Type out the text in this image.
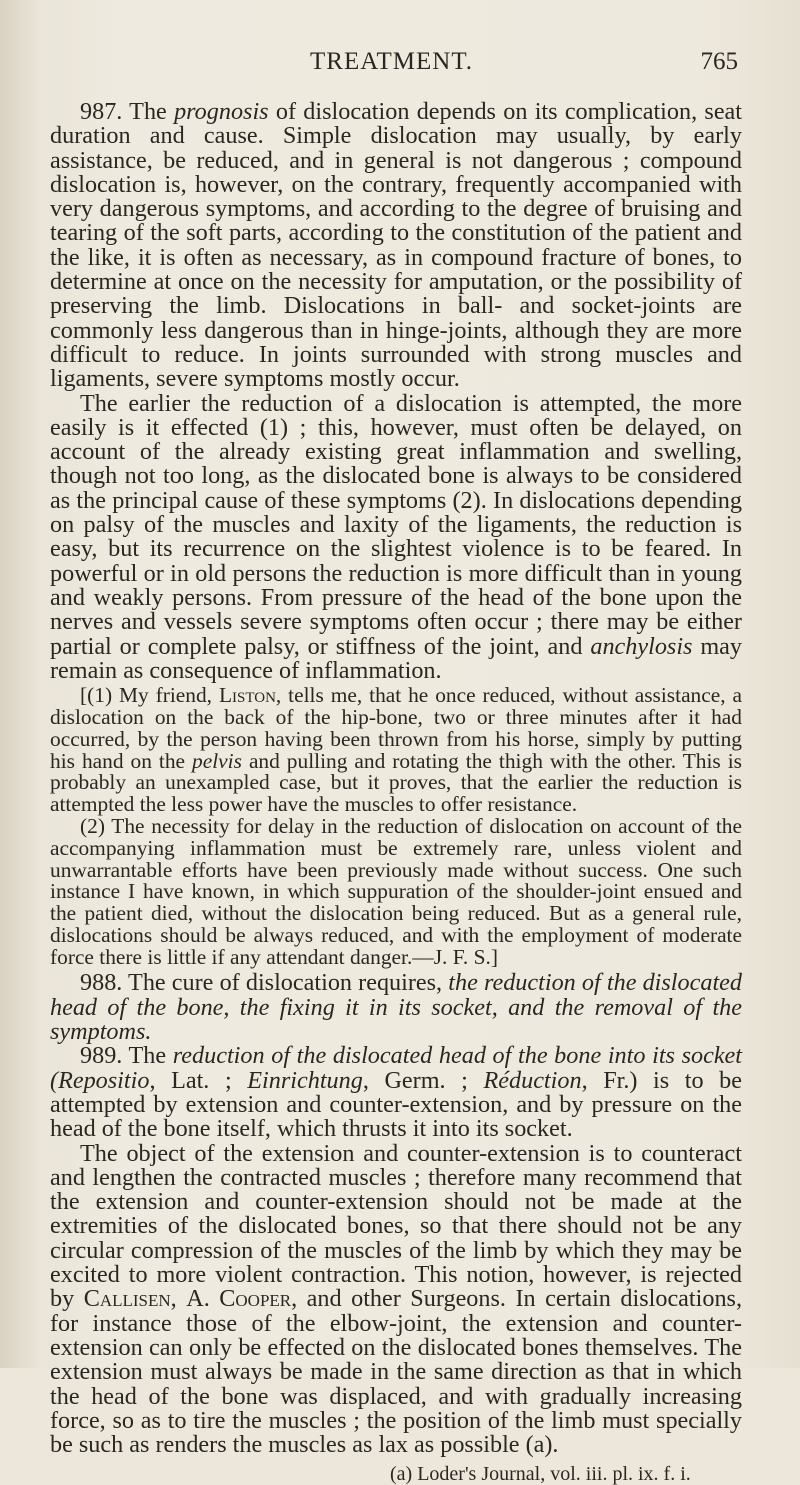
TREATMENT.	765

987. The prognosis of dislocation depends on its complication, seat duration and cause. Simple dislocation may usually, by early assistance, be reduced, and in general is not dangerous ; compound dislocation is, however, on the contrary, frequently accompanied with very dangerous symptoms, and according to the degree of bruising and tearing of the soft parts, according to the constitution of the patient and the like, it is often as necessary, as in compound fracture of bones, to determine at once on the necessity for amputation, or the possibility of preserving the limb. Dislocations in ball- and socket-joints are commonly less dangerous than in hinge-joints, although they are more difficult to reduce. In joints surrounded with strong muscles and ligaments, severe symptoms mostly occur.

The earlier the reduction of a dislocation is attempted, the more easily is it effected (1) ; this, however, must often be delayed, on account of the already existing great inflammation and swelling, though not too long, as the dislocated bone is always to be considered as the principal cause of these symptoms (2). In dislocations depending on palsy of the muscles and laxity of the ligaments, the reduction is easy, but its recurrence on the slightest violence is to be feared. In powerful or in old persons the reduction is more difficult than in young and weakly persons. From pressure of the head of the bone upon the nerves and vessels severe symptoms often occur ; there may be either partial or complete palsy, or stiffness of the joint, and anchylosis may remain as consequence of inflammation.

[(1) My friend, Liston, tells me, that he once reduced, without assistance, a dislocation on the back of the hip-bone, two or three minutes after it had occurred, by the person having been thrown from his horse, simply by putting his hand on the pelvis and pulling and rotating the thigh with the other. This is probably an unexampled case, but it proves, that the earlier the reduction is attempted the less power have the muscles to offer resistance.

(2) The necessity for delay in the reduction of dislocation on account of the accompanying inflammation must be extremely rare, unless violent and unwarrantable efforts have been previously made without success. One such instance I have known, in which suppuration of the shoulder-joint ensued and the patient died, without the dislocation being reduced. But as a general rule, dislocations should be always reduced, and with the employment of moderate force there is little if any attendant danger.—J. F. S.]

988. The cure of dislocation requires, the reduction of the dislocated head of the bone, the fixing it in its socket, and the removal of the symptoms.

989. The reduction of the dislocated head of the bone into its socket (Repositio, Lat. ; Einrichtung, Germ. ; Réduction, Fr.) is to be attempted by extension and counter-extension, and by pressure on the head of the bone itself, which thrusts it into its socket.

The object of the extension and counter-extension is to counteract and lengthen the contracted muscles ; therefore many recommend that the extension and counter-extension should not be made at the extremities of the dislocated bones, so that there should not be any circular compression of the muscles of the limb by which they may be excited to more violent contraction. This notion, however, is rejected by Callisen, A. Cooper, and other Surgeons. In certain dislocations, for instance those of the elbow-joint, the extension and counter-extension can only be effected on the dislocated bones themselves. The extension must always be made in the same direction as that in which the head of the bone was displaced, and with gradually increasing force, so as to tire the muscles ; the position of the limb must specially be such as renders the muscles as lax as possible (a).

(a) Loder's Journal, vol. iii. pl. ix. f. i.
